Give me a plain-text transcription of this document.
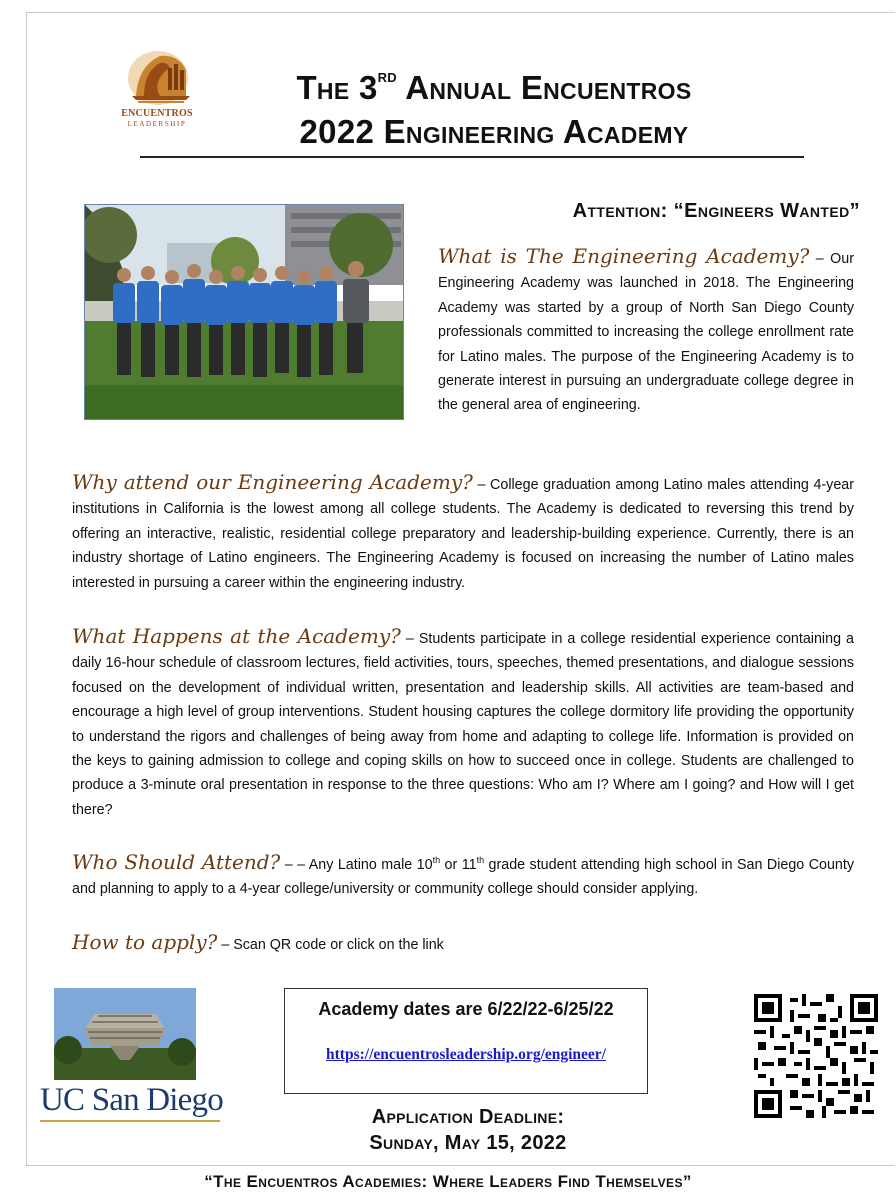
ENCUENTROS
LEADERSHIP
The 3rd Annual Encuentros
2022 Engineering Academy
Attention: “Engineers Wanted”
What is The Engineering Academy? – Our Engineering Academy was launched in 2018. The Engineering Academy was started by a group of North San Diego County professionals committed to increasing the college enrollment rate for Latino males. The purpose of the Engineering Academy is to generate interest in pursuing an undergraduate college degree in the general area of engineering.
Why attend our Engineering Academy? – College graduation among Latino males attending 4-year institutions in California is the lowest among all college students. The Academy is dedicated to reversing this trend by offering an interactive, realistic, residential college preparatory and leadership-building experience. Currently, there is an industry shortage of Latino engineers. The Engineering Academy is focused on increasing the number of Latino males interested in pursuing a career within the engineering industry.
What Happens at the Academy? – Students participate in a college residential experience containing a daily 16-hour schedule of classroom lectures, field activities, tours, speeches, themed presentations, and dialogue sessions focused on the development of individual written, presentation and leadership skills. All activities are team-based and encourage a high level of group interventions. Student housing captures the college dormitory life providing the opportunity to understand the rigors and challenges of being away from home and adapting to college life. Information is provided on the keys to gaining admission to college and coping skills on how to succeed once in college. Students are challenged to produce a 3-minute oral presentation in response to the three questions: Who am I? Where am I going? and How will I get there?
Who Should Attend? – – Any Latino male 10th or 11th grade student attending high school in San Diego County and planning to apply to a 4-year college/university or community college should consider applying.
How to apply? – Scan QR code or click on the link
UC San Diego
Academy dates are 6/22/22-6/25/22
https://encuentrosleadership.org/engineer/
Application Deadline:
Sunday, May 15, 2022
“The Encuentros Academies: Where Leaders Find Themselves”
